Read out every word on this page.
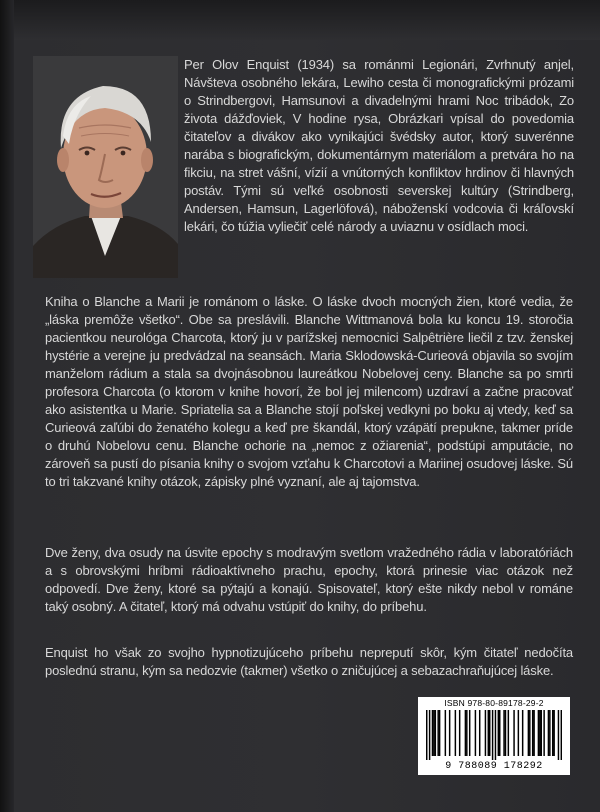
Per Olov Enquist (1934) sa románmi Legionári, Zvrhnutý anjel, Návšteva osobného lekára, Lewiho cesta či monografickými prózami o Strindbergovi, Hamsunovi a divadelnými hrami Noc tribádok, Zo života dážďoviek, V hodine rysa, Obrázkari vpísal do povedomia čitateľov a divákov ako vynikajúci švédsky autor, ktorý suverénne narába s biografickým, dokumentárnym materiálom a pretvára ho na fikciu, na stret vášní, vízií a vnútorných konfliktov hrdinov či hlavných postáv. Tými sú veľké osobnosti severskej kultúry (Strindberg, Andersen, Hamsun, Lagerlöfová), náboženskí vodcovia či kráľovskí lekári, čo túžia vyliečiť celé národy a uviaznu v osídlach moci.

Kniha o Blanche a Marii je románom o láske. O láske dvoch mocných žien, ktoré vedia, že „láska premôže všetko“. Obe sa preslávili. Blanche Wittmanová bola ku koncu 19. storočia pacientkou neurológa Charcota, ktorý ju v parížskej nemocnici Salpêtrière liečil z tzv. ženskej hystérie a verejne ju predvádzal na seansách. Maria Sklodowská-Curieová objavila so svojím manželom rádium a stala sa dvojnásobnou laureátkou Nobelovej ceny. Blanche sa po smrti profesora Charcota (o ktorom v knihe hovorí, že bol jej milencom) uzdraví a začne pracovať ako asistentka u Marie. Spriatelia sa a Blanche stojí poľskej vedkyni po boku aj vtedy, keď sa Curieová zaľúbi do ženatého kolegu a keď pre škandál, ktorý vzápätí prepukne, takmer príde o druhú Nobelovu cenu. Blanche ochorie na „nemoc z ožiarenia“, podstúpi amputácie, no zároveň sa pustí do písania knihy o svojom vzťahu k Charcotovi a Mariinej osudovej láske. Sú to tri takzvané knihy otázok, zápisky plné vyznaní, ale aj tajomstva.

Dve ženy, dva osudy na úsvite epochy s modravým svetlom vražedného rádia v laboratóriách a s obrovskými hríbmi rádioaktívneho prachu, epochy, ktorá prinesie viac otázok než odpovedí. Dve ženy, ktoré sa pýtajú a konajú. Spisovateľ, ktorý ešte nikdy nebol v románe taký osobný. A čitateľ, ktorý má odvahu vstúpiť do knihy, do príbehu.

Enquist ho však zo svojho hypnotizujúceho príbehu nepreputí skôr, kým čitateľ nedočíta poslednú stranu, kým sa nedozvie (takmer) všetko o zničujúcej a sebazachraňujúcej láske.

ISBN 978-80-89178-29-2
9 788089 178292
